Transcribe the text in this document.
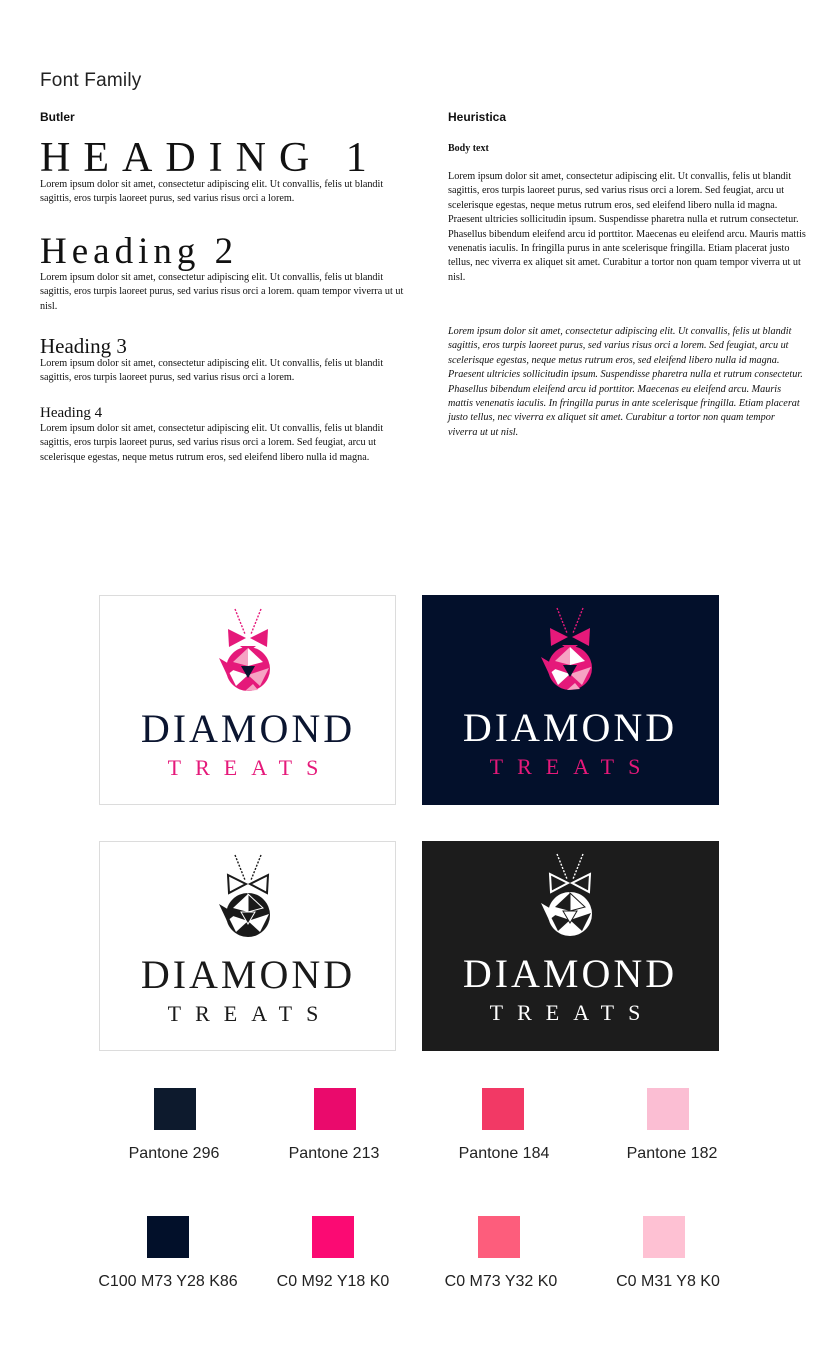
Font Family
Butler	Heuristica
HEADING 1
Lorem ipsum dolor sit amet, consectetur adipiscing elit. Ut convallis, felis ut blandit sagittis, eros turpis laoreet purus, sed varius risus orci a lorem.
Heading 2
Lorem ipsum dolor sit amet, consectetur adipiscing elit. Ut convallis, felis ut blandit sagittis, eros turpis laoreet purus, sed varius risus orci a lorem. quam tempor viverra ut ut nisl.
Heading 3
Lorem ipsum dolor sit amet, consectetur adipiscing elit. Ut convallis, felis ut blandit sagittis, eros turpis laoreet purus, sed varius risus orci a lorem.
Heading 4
Lorem ipsum dolor sit amet, consectetur adipiscing elit. Ut convallis, felis ut blandit sagittis, eros turpis laoreet purus, sed varius risus orci a lorem. Sed feugiat, arcu ut scelerisque egestas, neque metus rutrum eros, sed eleifend libero nulla id magna.
Body text
Lorem ipsum dolor sit amet, consectetur adipiscing elit. Ut convallis, felis ut blandit sagittis, eros turpis laoreet purus, sed varius risus orci a lorem. Sed feugiat, arcu ut scelerisque egestas, neque metus rutrum eros, sed eleifend libero nulla id magna. Praesent ultricies sollicitudin ipsum. Suspendisse pharetra nulla et rutrum consectetur. Phasellus bibendum eleifend arcu id porttitor. Maecenas eu eleifend arcu. Mauris mattis venenatis iaculis. In fringilla purus in ante scelerisque fringilla. Etiam placerat justo tellus, nec viverra ex aliquet sit amet. Curabitur a tortor non quam tempor viverra ut ut nisl.
Lorem ipsum dolor sit amet, consectetur adipiscing elit. Ut convallis, felis ut blandit sagittis, eros turpis laoreet purus, sed varius risus orci a lorem. Sed feugiat, arcu ut scelerisque egestas, neque metus rutrum eros, sed eleifend libero nulla id magna. Praesent ultricies sollicitudin ipsum. Suspendisse pharetra nulla et rutrum consectetur. Phasellus bibendum eleifend arcu id porttitor. Maecenas eu eleifend arcu. Mauris mattis venenatis iaculis. In fringilla purus in ante scelerisque fringilla. Etiam placerat justo tellus, nec viverra ex aliquet sit amet. Curabitur a tortor non quam tempor viverra ut ut nisl.
DIAMOND
TREATS
DIAMOND
TREATS
DIAMOND
TREATS
DIAMOND
TREATS
Pantone 296	Pantone 213	Pantone 184	Pantone 182
C100 M73 Y28 K86	C0 M92 Y18 K0	C0 M73 Y32 K0	C0 M31 Y8 K0
